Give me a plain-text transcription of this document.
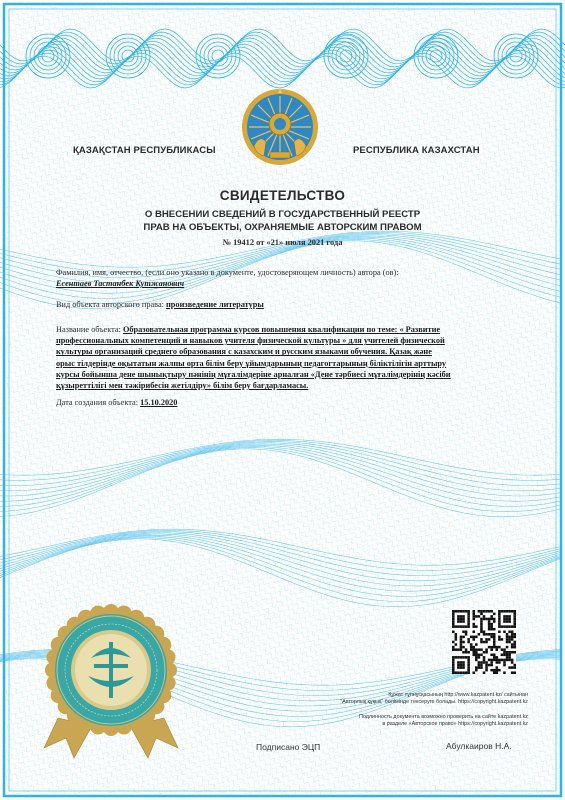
ҚАЗАҚСТАН РЕСПУБЛИКАСЫ	РЕСПУБЛИКА КАЗАХСТАН
СВИДЕТЕЛЬСТВО
О ВНЕСЕНИИ СВЕДЕНИЙ В ГОСУДАРСТВЕННЫЙ РЕЕСТР
ПРАВ НА ОБЪЕКТЫ, ОХРАНЯЕМЫЕ АВТОРСКИМ ПРАВОМ
№ 19412 от «21» июля 2021 года
Фамилия, имя, отчество, (если оно указано в документе, удостоверяющем личность) автора (ов):
Есентаев Тастанбек Кутжанович
Вид объекта авторского права: произведение литературы
Название объекта: Образовательная программа курсов повышения квалификации по теме: « Развитие
профессиональных компетенций и навыков учителя физической культуры » для учителей физической
культуры организаций среднего образования с казахским и русским языками обучения. Қазақ және
орыс тілдерінде оқытатын жалпы орта білім беру ұйымдарының педагогтарының біліктілігін арттыру
курсы бойынша дене шынықтыру пәнінің мұғалімдеріне арналған «Дене тәрбиесі мұғалімдерінің кәсіби
құзыреттілігі мен тәжірибесін жетілдіру» білім беру бағдарламасы.
Дата создания объекта: 15.10.2020
Құжат тұпнұсқасының http://www.kazpatent.kz/ сайтынан
"Авторлық құқық" бөлімінде тексеруге болады. https://copyright.kazpatent.kz
Подлинность документа возможно проверить на сайте kazpatent.kz
в разделе «Авторское право» https://copyright.kazpatent.kz
Подписано ЭЦП	Абулкаиров Н.А.
